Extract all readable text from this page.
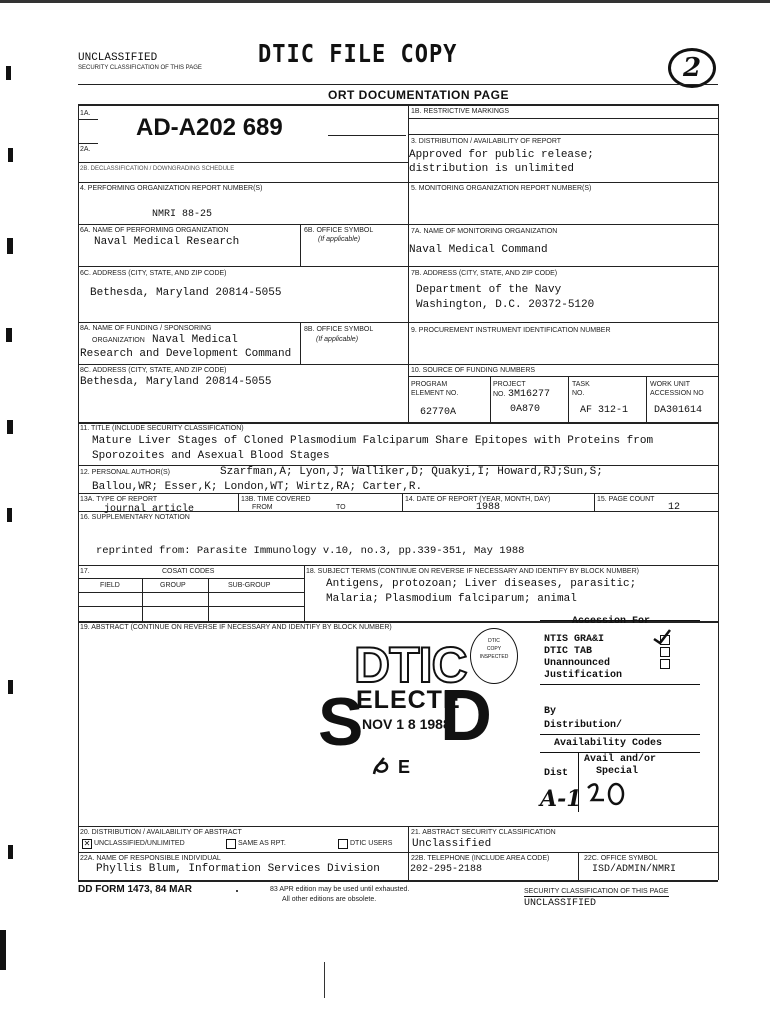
UNCLASSIFIED
SECURITY CLASSIFICATION OF THIS PAGE	DTIC FILE COPY	2
ORT DOCUMENTATION PAGE
AD-A202 689
1A.
2A.
2B. DECLASSIFICATION / DOWNGRADING SCHEDULE
1B. RESTRICTIVE MARKINGS
3. DISTRIBUTION / AVAILABILITY OF REPORT
Approved for public release;
distribution is unlimited
4. PERFORMING ORGANIZATION REPORT NUMBER(S)
NMRI 88-25
5. MONITORING ORGANIZATION REPORT NUMBER(S)
6A. NAME OF PERFORMING ORGANIZATION
Naval Medical Research
6B. OFFICE SYMBOL
(If applicable)
7A. NAME OF MONITORING ORGANIZATION
Naval Medical Command
6C. ADDRESS (CITY, STATE, AND ZIP CODE)
Bethesda, Maryland 20814-5055
7B. ADDRESS (CITY, STATE, AND ZIP CODE)
Department of the Navy
Washington, D.C. 20372-5120
8A. NAME OF FUNDING / SPONSORING
ORGANIZATION Naval Medical
Research and Development Command
8B. OFFICE SYMBOL
(If applicable)
9. PROCUREMENT INSTRUMENT IDENTIFICATION NUMBER
8C. ADDRESS (CITY, STATE, AND ZIP CODE)
Bethesda, Maryland 20814-5055
10. SOURCE OF FUNDING NUMBERS
PROGRAM
ELEMENT NO.
62770A
PROJECT
NO. 3M16277
0A870
TASK
NO.
AF 312-1
WORK UNIT
ACCESSION NO
DA301614
11. TITLE (INCLUDE SECURITY CLASSIFICATION)
Mature Liver Stages of Cloned Plasmodium Falciparum Share Epitopes with Proteins from
Sporozoites and Asexual Blood Stages
12. PERSONAL AUTHOR(S)	Szarfman,A; Lyon,J; Walliker,D; Quakyi,I; Howard,RJ;Sun,S;
Ballou,WR; Esser,K; London,WT; Wirtz,RA; Carter,R.
13A. TYPE OF REPORT
journal article
13B. TIME COVERED
FROM	TO
14. DATE OF REPORT (YEAR, MONTH, DAY)
1988
15. PAGE COUNT
12
16. SUPPLEMENTARY NOTATION
reprinted from: Parasite Immunology v.10, no.3, pp.339-351, May 1988
17.	COSATI CODES
FIELD	GROUP	SUB-GROUP
18. SUBJECT TERMS (CONTINUE ON REVERSE IF NECESSARY AND IDENTIFY BY BLOCK NUMBER)
Antigens, protozoan; Liver diseases, parasitic;
Malaria; Plasmodium falciparum; animal
19. ABSTRACT (CONTINUE ON REVERSE IF NECESSARY AND IDENTIFY BY BLOCK NUMBER)
DTIC
COPY
INSPECTED
DTIC
ELECTE
S
NOV 1 8 1988
D
E
Accession For
NTIS GRA&I
DTIC TAB
Unannounced
Justification
By
Distribution/
Availability Codes
Avail and/or
Special
Dist
A-1
20. DISTRIBUTION / AVAILABILITY OF ABSTRACT
✕ UNCLASSIFIED/UNLIMITED	SAME AS RPT.	DTIC USERS
21. ABSTRACT SECURITY CLASSIFICATION
Unclassified
22A. NAME OF RESPONSIBLE INDIVIDUAL
Phyllis Blum, Information Services Division
22B. TELEPHONE (INCLUDE AREA CODE)
202-295-2188
22C. OFFICE SYMBOL
ISD/ADMIN/NMRI
DD FORM 1473, 84 MAR	83 APR edition may be used until exhausted.
All other editions are obsolete.
SECURITY CLASSIFICATION OF THIS PAGE
UNCLASSIFIED
